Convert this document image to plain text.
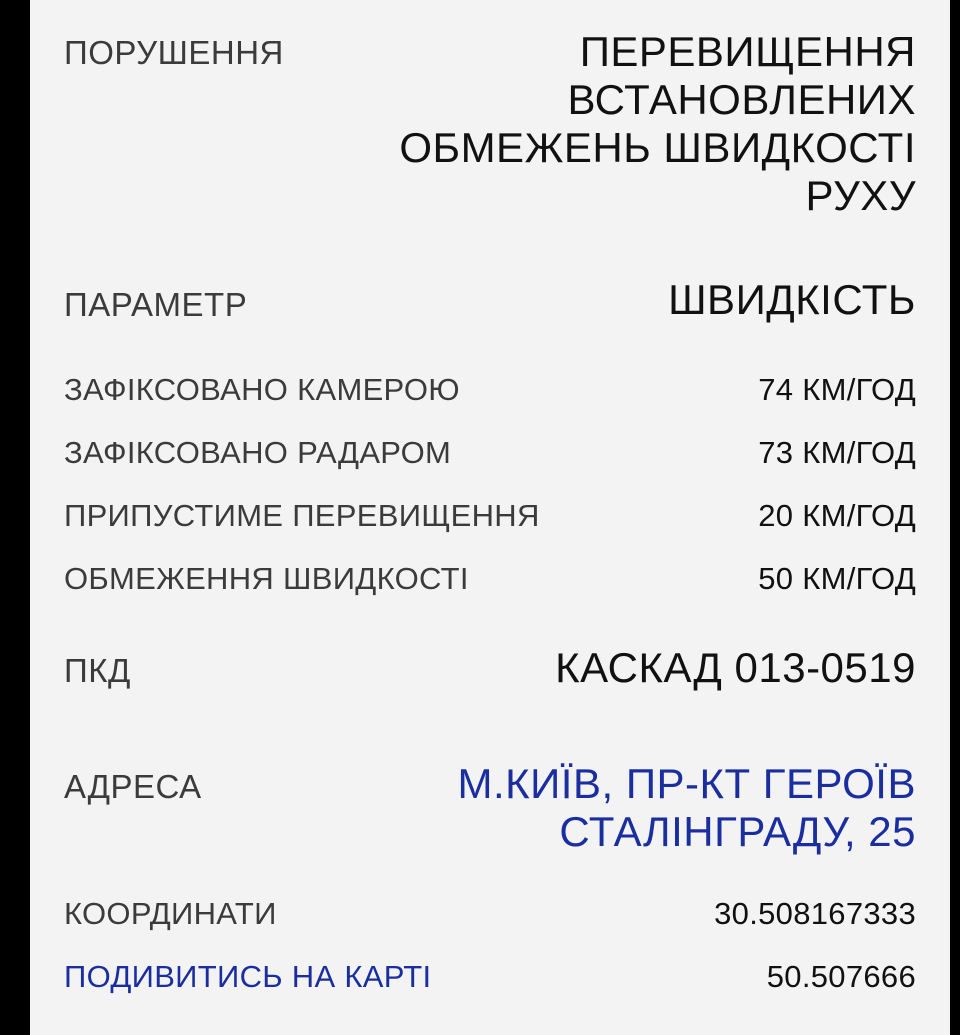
ПОРУШЕННЯ	ПЕРЕВИЩЕННЯ
ВСТАНОВЛЕНИХ
ОБМЕЖЕНЬ ШВИДКОСТІ
РУХУ
ПАРАМЕТР	ШВИДКІСТЬ
ЗАФІКСОВАНО КАМЕРОЮ	74 КМ/ГОД
ЗАФІКСОВАНО РАДАРОМ	73 КМ/ГОД
ПРИПУСТИМЕ ПЕРЕВИЩЕННЯ	20 КМ/ГОД
ОБМЕЖЕННЯ ШВИДКОСТІ	50 КМ/ГОД
ПКД	КАСКАД 013-0519
АДРЕСА	М.КИЇВ, ПР-КТ ГЕРОЇВ
СТАЛІНГРАДУ, 25
КООРДИНАТИ	30.508167333
ПОДИВИТИСЬ НА КАРТІ	50.507666
